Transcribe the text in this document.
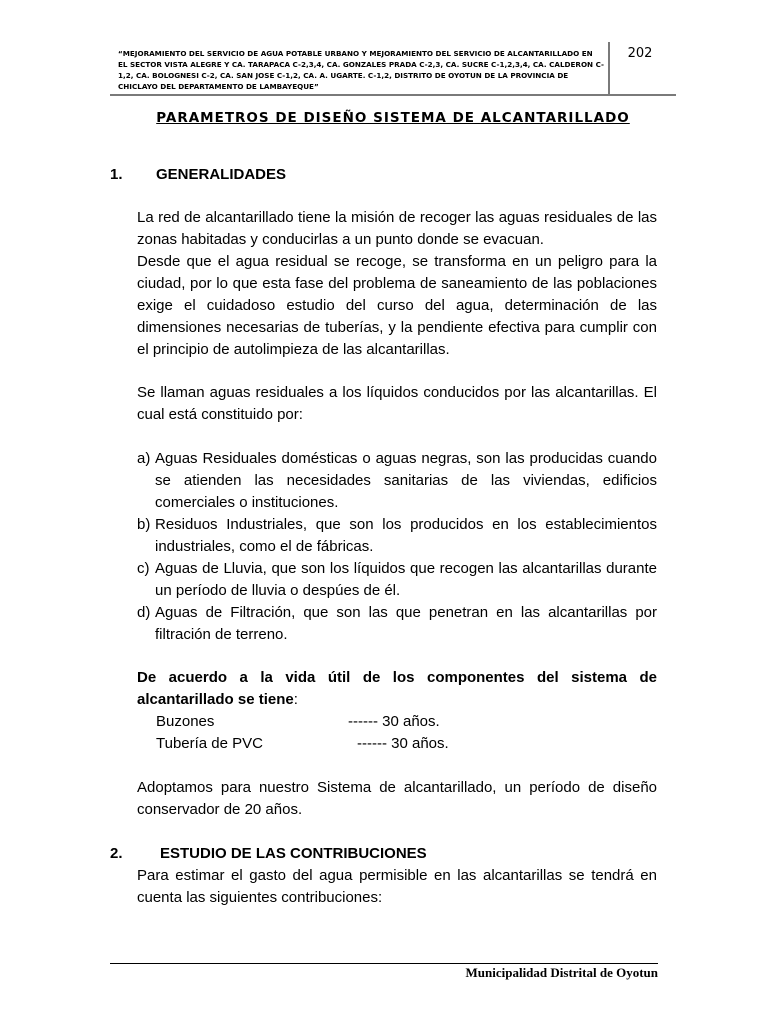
“MEJORAMIENTO DEL SERVICIO DE AGUA POTABLE URBANO Y MEJORAMIENTO DEL SERVICIO DE ALCANTARILLADO EN EL SECTOR VISTA ALEGRE Y CA. TARAPACA C-2,3,4, CA. GONZALES PRADA C-2,3, CA. SUCRE C-1,2,3,4, CA. CALDERON C-1,2, CA. BOLOGNESI C-2, CA. SAN JOSE C-1,2, CA. A. UGARTE. C-1,2, DISTRITO DE OYOTUN DE LA PROVINCIA DE CHICLAYO DEL DEPARTAMENTO DE LAMBAYEQUE”
202
PARAMETROS DE DISEÑO SISTEMA DE ALCANTARILLADO
1. GENERALIDADES

La red de alcantarillado tiene la misión de recoger las aguas residuales de las zonas habitadas y conducirlas a un punto donde se evacuan.

Desde que el agua residual se recoge, se transforma en un peligro para la ciudad, por lo que esta fase del problema de saneamiento de las poblaciones exige el cuidadoso estudio del curso del agua, determinación de las dimensiones necesarias de tuberías, y la pendiente efectiva para cumplir con el principio de autolimpieza de las alcantarillas.

Se llaman aguas residuales a los líquidos conducidos por las alcantarillas. El cual está constituido por:

a) Aguas Residuales domésticas o aguas negras, son las producidas cuando se atienden las necesidades sanitarias de las viviendas, edificios comerciales o instituciones.
b) Residuos Industriales, que son los producidos en los establecimientos industriales, como el de fábricas.
c) Aguas de Lluvia, que son los líquidos que recogen las alcantarillas durante un período de lluvia o despúes de él.
d) Aguas de Filtración, que son las que penetran en las alcantarillas por filtración de terreno.

De acuerdo a la vida útil de los componentes del sistema de alcantarillado se tiene:

Buzones	------ 30 años.
Tubería de PVC	------ 30 años.

Adoptamos para nuestro Sistema de alcantarillado, un período de diseño conservador de 20 años.

2. ESTUDIO DE LAS CONTRIBUCIONES

Para estimar el gasto del agua permisible en las alcantarillas se tendrá en cuenta las siguientes contribuciones:

Municipalidad Distrital de Oyotun
